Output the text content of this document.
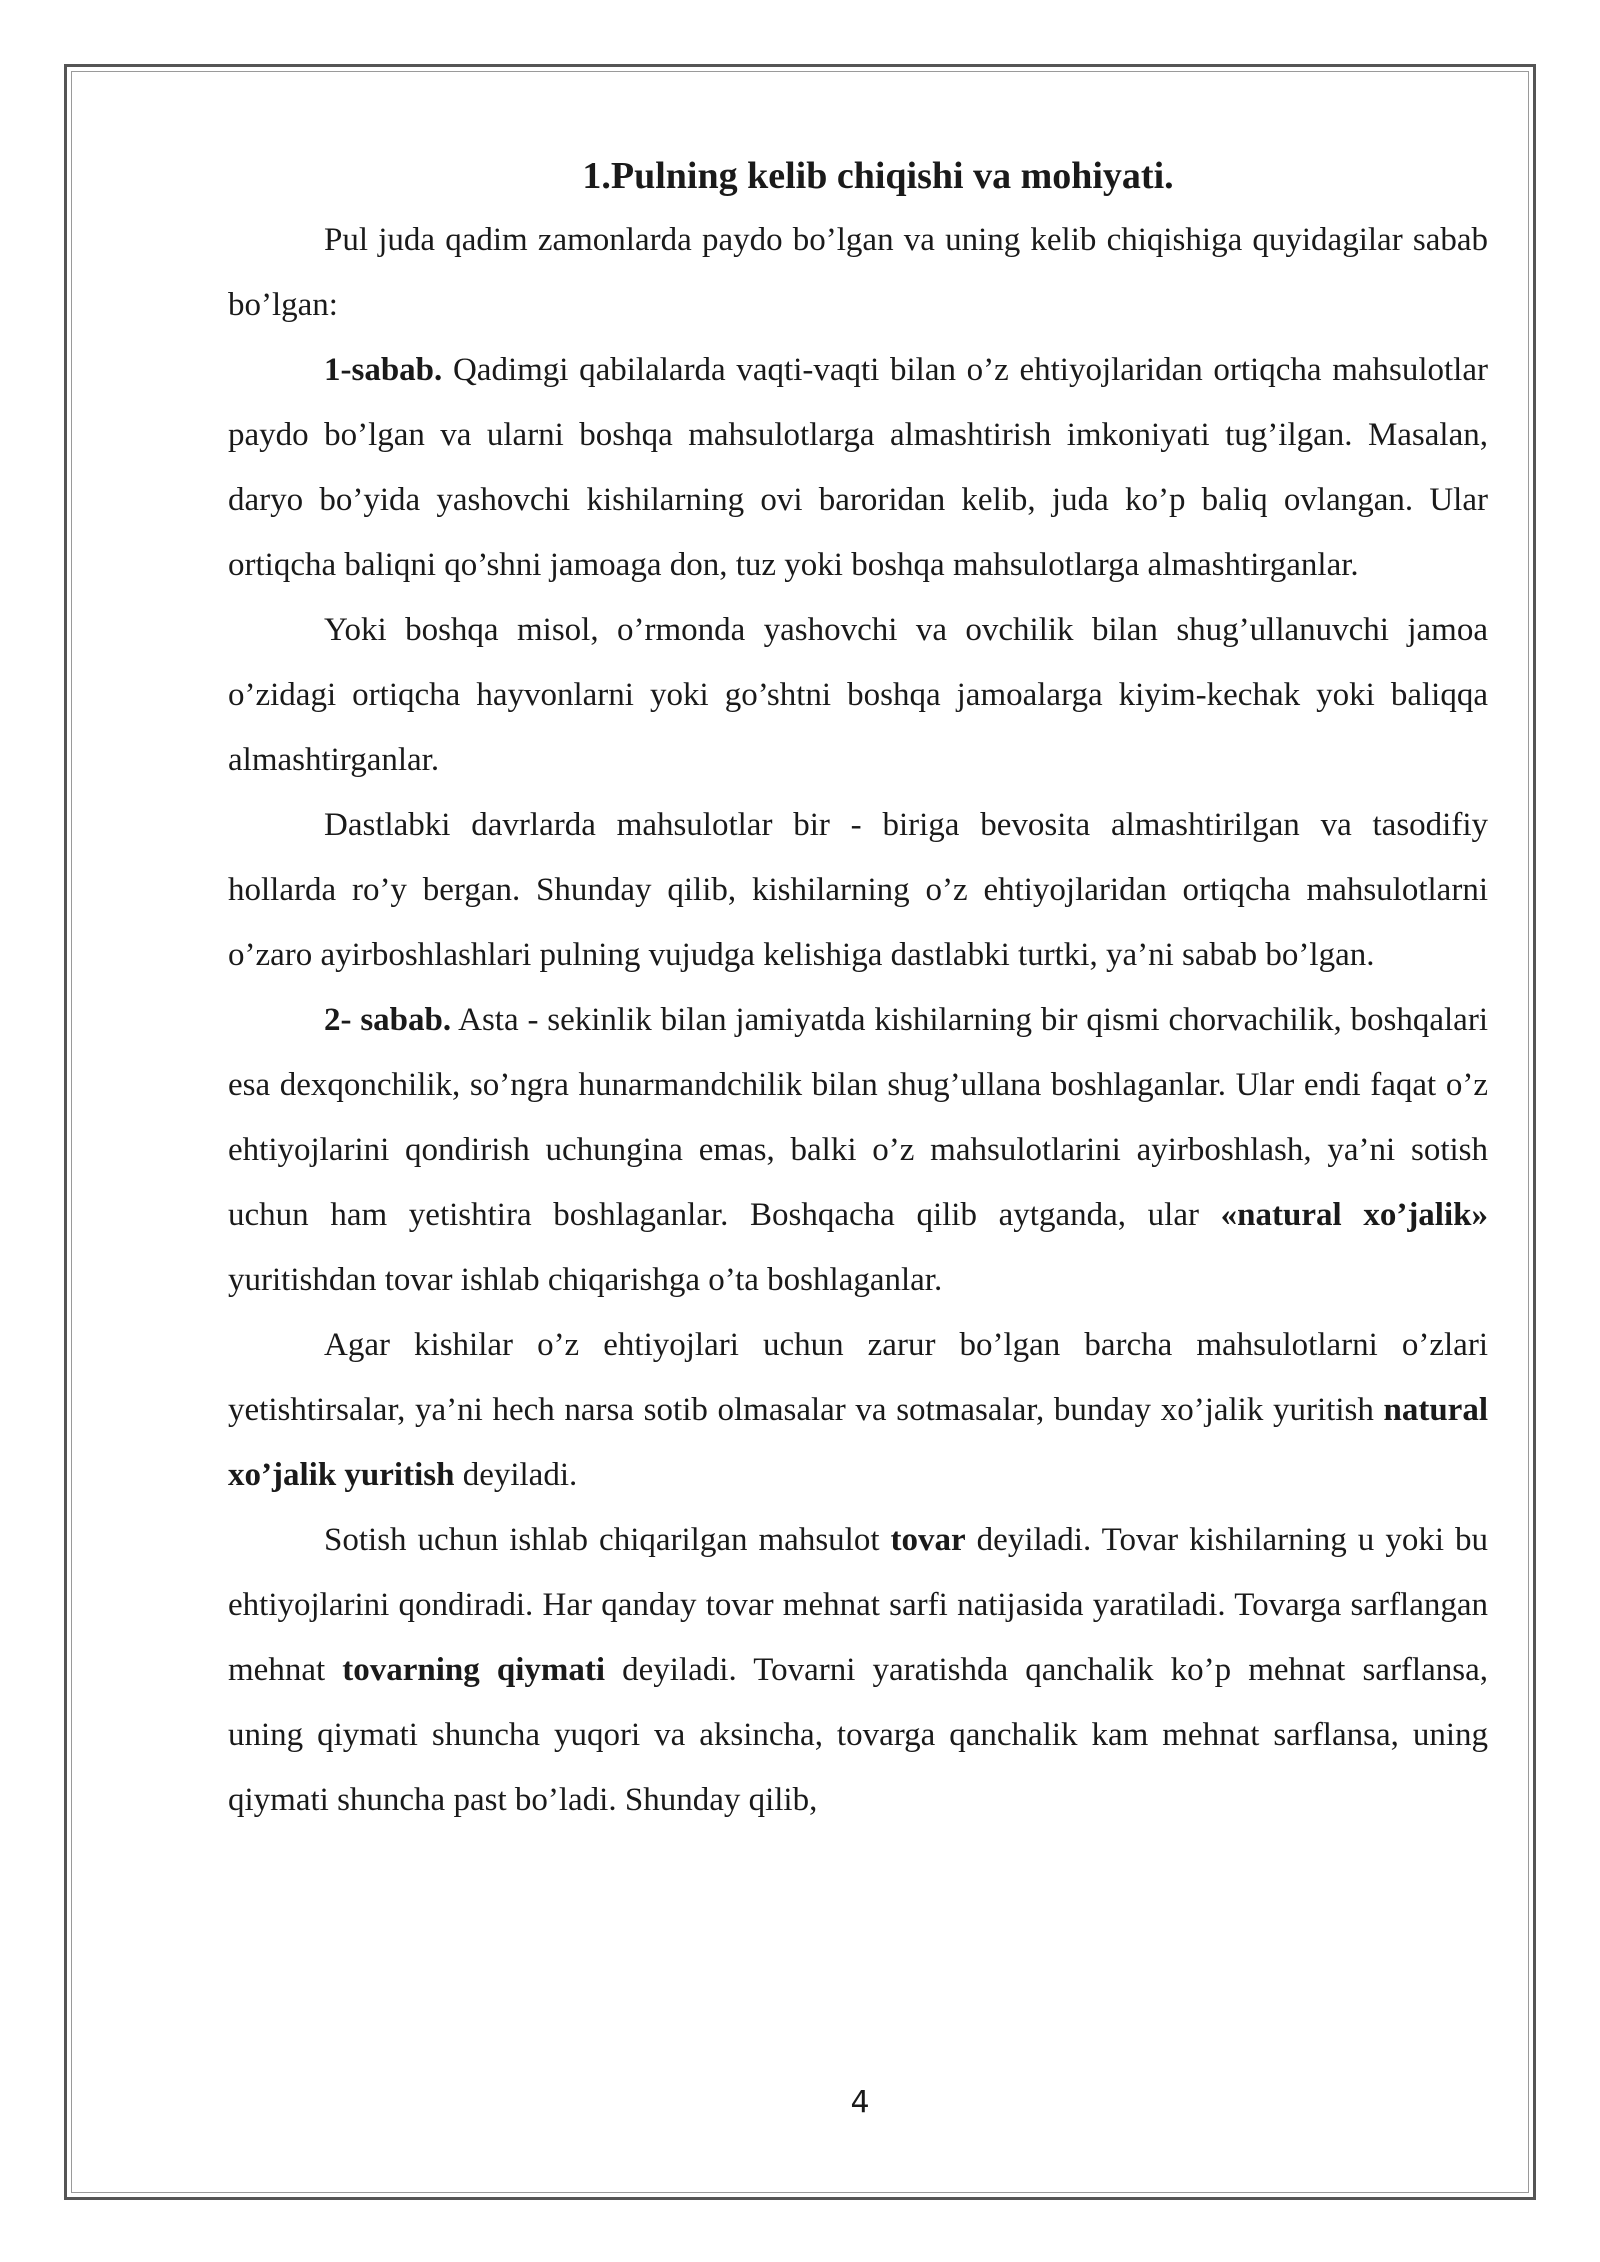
1.Pulning kelib chiqishi va mohiyati.

Pul juda qadim zamonlarda paydo bo’lgan va uning kelib chiqishiga quyidagilar sabab bo’lgan:

1-sabab. Qadimgi qabilalarda vaqti-vaqti bilan o’z ehtiyojlaridan ortiqcha mahsulotlar paydo bo’lgan va ularni boshqa mahsulotlarga almashtirish imkoniyati tug’ilgan. Masalan, daryo bo’yida yashovchi kishilarning ovi baroridan kelib, juda ko’p baliq ovlangan. Ular ortiqcha baliqni qo’shni jamoaga don, tuz yoki boshqa mahsulotlarga almashtirganlar.

Yoki boshqa misol, o’rmonda yashovchi va ovchilik bilan shug’ullanuvchi jamoa o’zidagi ortiqcha hayvonlarni yoki go’shtni boshqa jamoalarga kiyim-kechak yoki baliqqa almashtirganlar.

Dastlabki davrlarda mahsulotlar bir - biriga bevosita almashtirilgan va tasodifiy hollarda ro’y bergan. Shunday qilib, kishilarning o’z ehtiyojlaridan ortiqcha mahsulotlarni o’zaro ayirboshlashlari pulning vujudga kelishiga dastlabki turtki, ya’ni sabab bo’lgan.

2- sabab. Asta - sekinlik bilan jamiyatda kishilarning bir qismi chorvachilik, boshqalari esa dexqonchilik, so’ngra hunarmandchilik bilan shug’ullana boshlaganlar. Ular endi faqat o’z ehtiyojlarini qondirish uchungina emas, balki o’z mahsulotlarini ayirboshlash, ya’ni sotish uchun ham yetishtira boshlaganlar. Boshqacha qilib aytganda, ular «natural xo’jalik» yuritishdan tovar ishlab chiqarishga o’ta boshlaganlar.

Agar kishilar o’z ehtiyojlari uchun zarur bo’lgan barcha mahsulotlarni o’zlari yetishtirsalar, ya’ni hech narsa sotib olmasalar va sotmasalar, bunday xo’jalik yuritish natural xo’jalik yuritish deyiladi.

Sotish uchun ishlab chiqarilgan mahsulot tovar deyiladi. Tovar kishilarning u yoki bu ehtiyojlarini qondiradi. Har qanday tovar mehnat sarfi natijasida yaratiladi. Tovarga sarflangan mehnat tovarning qiymati deyiladi. Tovarni yaratishda qanchalik ko’p mehnat sarflansa, uning qiymati shuncha yuqori va aksincha, tovarga qanchalik kam mehnat sarflansa, uning qiymati shuncha past bo’ladi. Shunday qilib,

4
